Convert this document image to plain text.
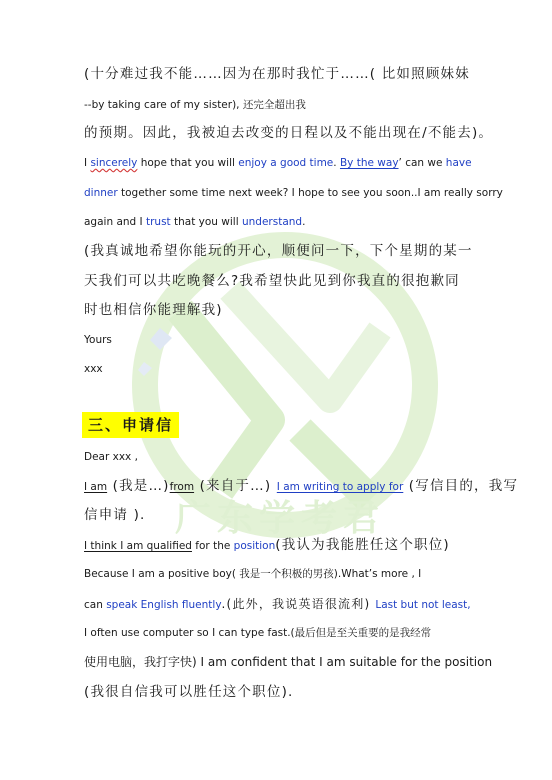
广东学考君
(十分难过我不能……因为在那时我忙于……( 比如照顾妹妹
--by taking care of my sister), 还完全超出我
的预期。因此，我被迫去改变的日程以及不能出现在/不能去)。
I sincerely hope that you will enjoy a good time. By the way’ can we have
dinner together some time next week? I hope to see you soon..I am really sorry
again and I trust that you will understand.
(我真诚地希望你能玩的开心，顺便问一下，下个星期的某一
天我们可以共吃晚餐么?我希望快此见到你我直的很抱歉同
时也相信你能理解我)
Yours
xxx
三、申请信
Dear xxx ,
I am (我是…)from (来自于…) I am writing to apply for (写信目的，我写
信申请 ).
I think I am qualified for the position(我认为我能胜任这个职位)
Because I am a positive boy( 我是一个积极的男孩).What’s more , I
can speak English fluently.(此外，我说英语很流利) Last but not least,
I often use computer so I can type fast.(最后但是至关重要的是我经常
使用电脑，我打字快) I am confident that I am suitable for the position
(我很自信我可以胜任这个职位).
